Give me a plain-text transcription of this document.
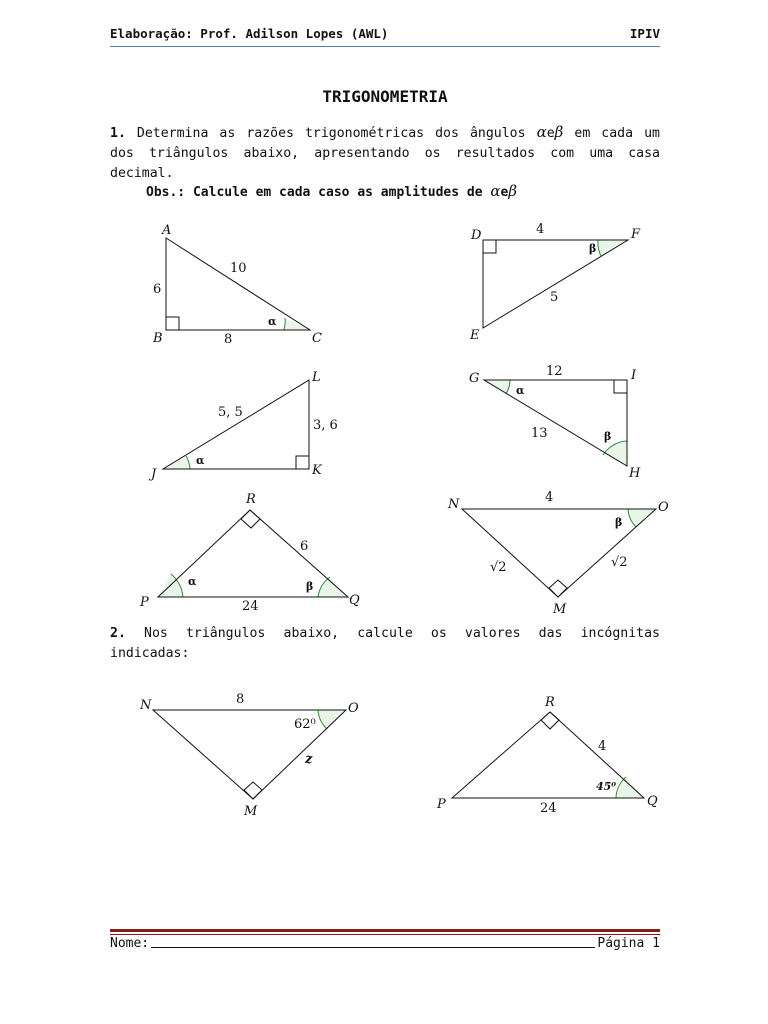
Elaboração: Prof. Adilson Lopes (AWL)	IPIV
TRIGONOMETRIA
1. Determina as razões trigonométricas dos ângulos αeβ em cada um dos triângulos abaixo, apresentando os resultados com uma casa decimal.
Obs.: Calcule em cada caso as amplitudes de αeβ
2. Nos triângulos abaixo, calcule os valores das incógnitas indicadas:
A
B	C
6
10
8
α
D	F
E
4
5
β
L
J	K
5, 5
3, 6
α
G	I
H
12
13
α
β
R
P	Q
6
24
α	β
N	O
M
4
√2	√2
β
N	O
M
8
z
62⁰
R
P	Q
4
24
45⁰
Nome:	Página 1
